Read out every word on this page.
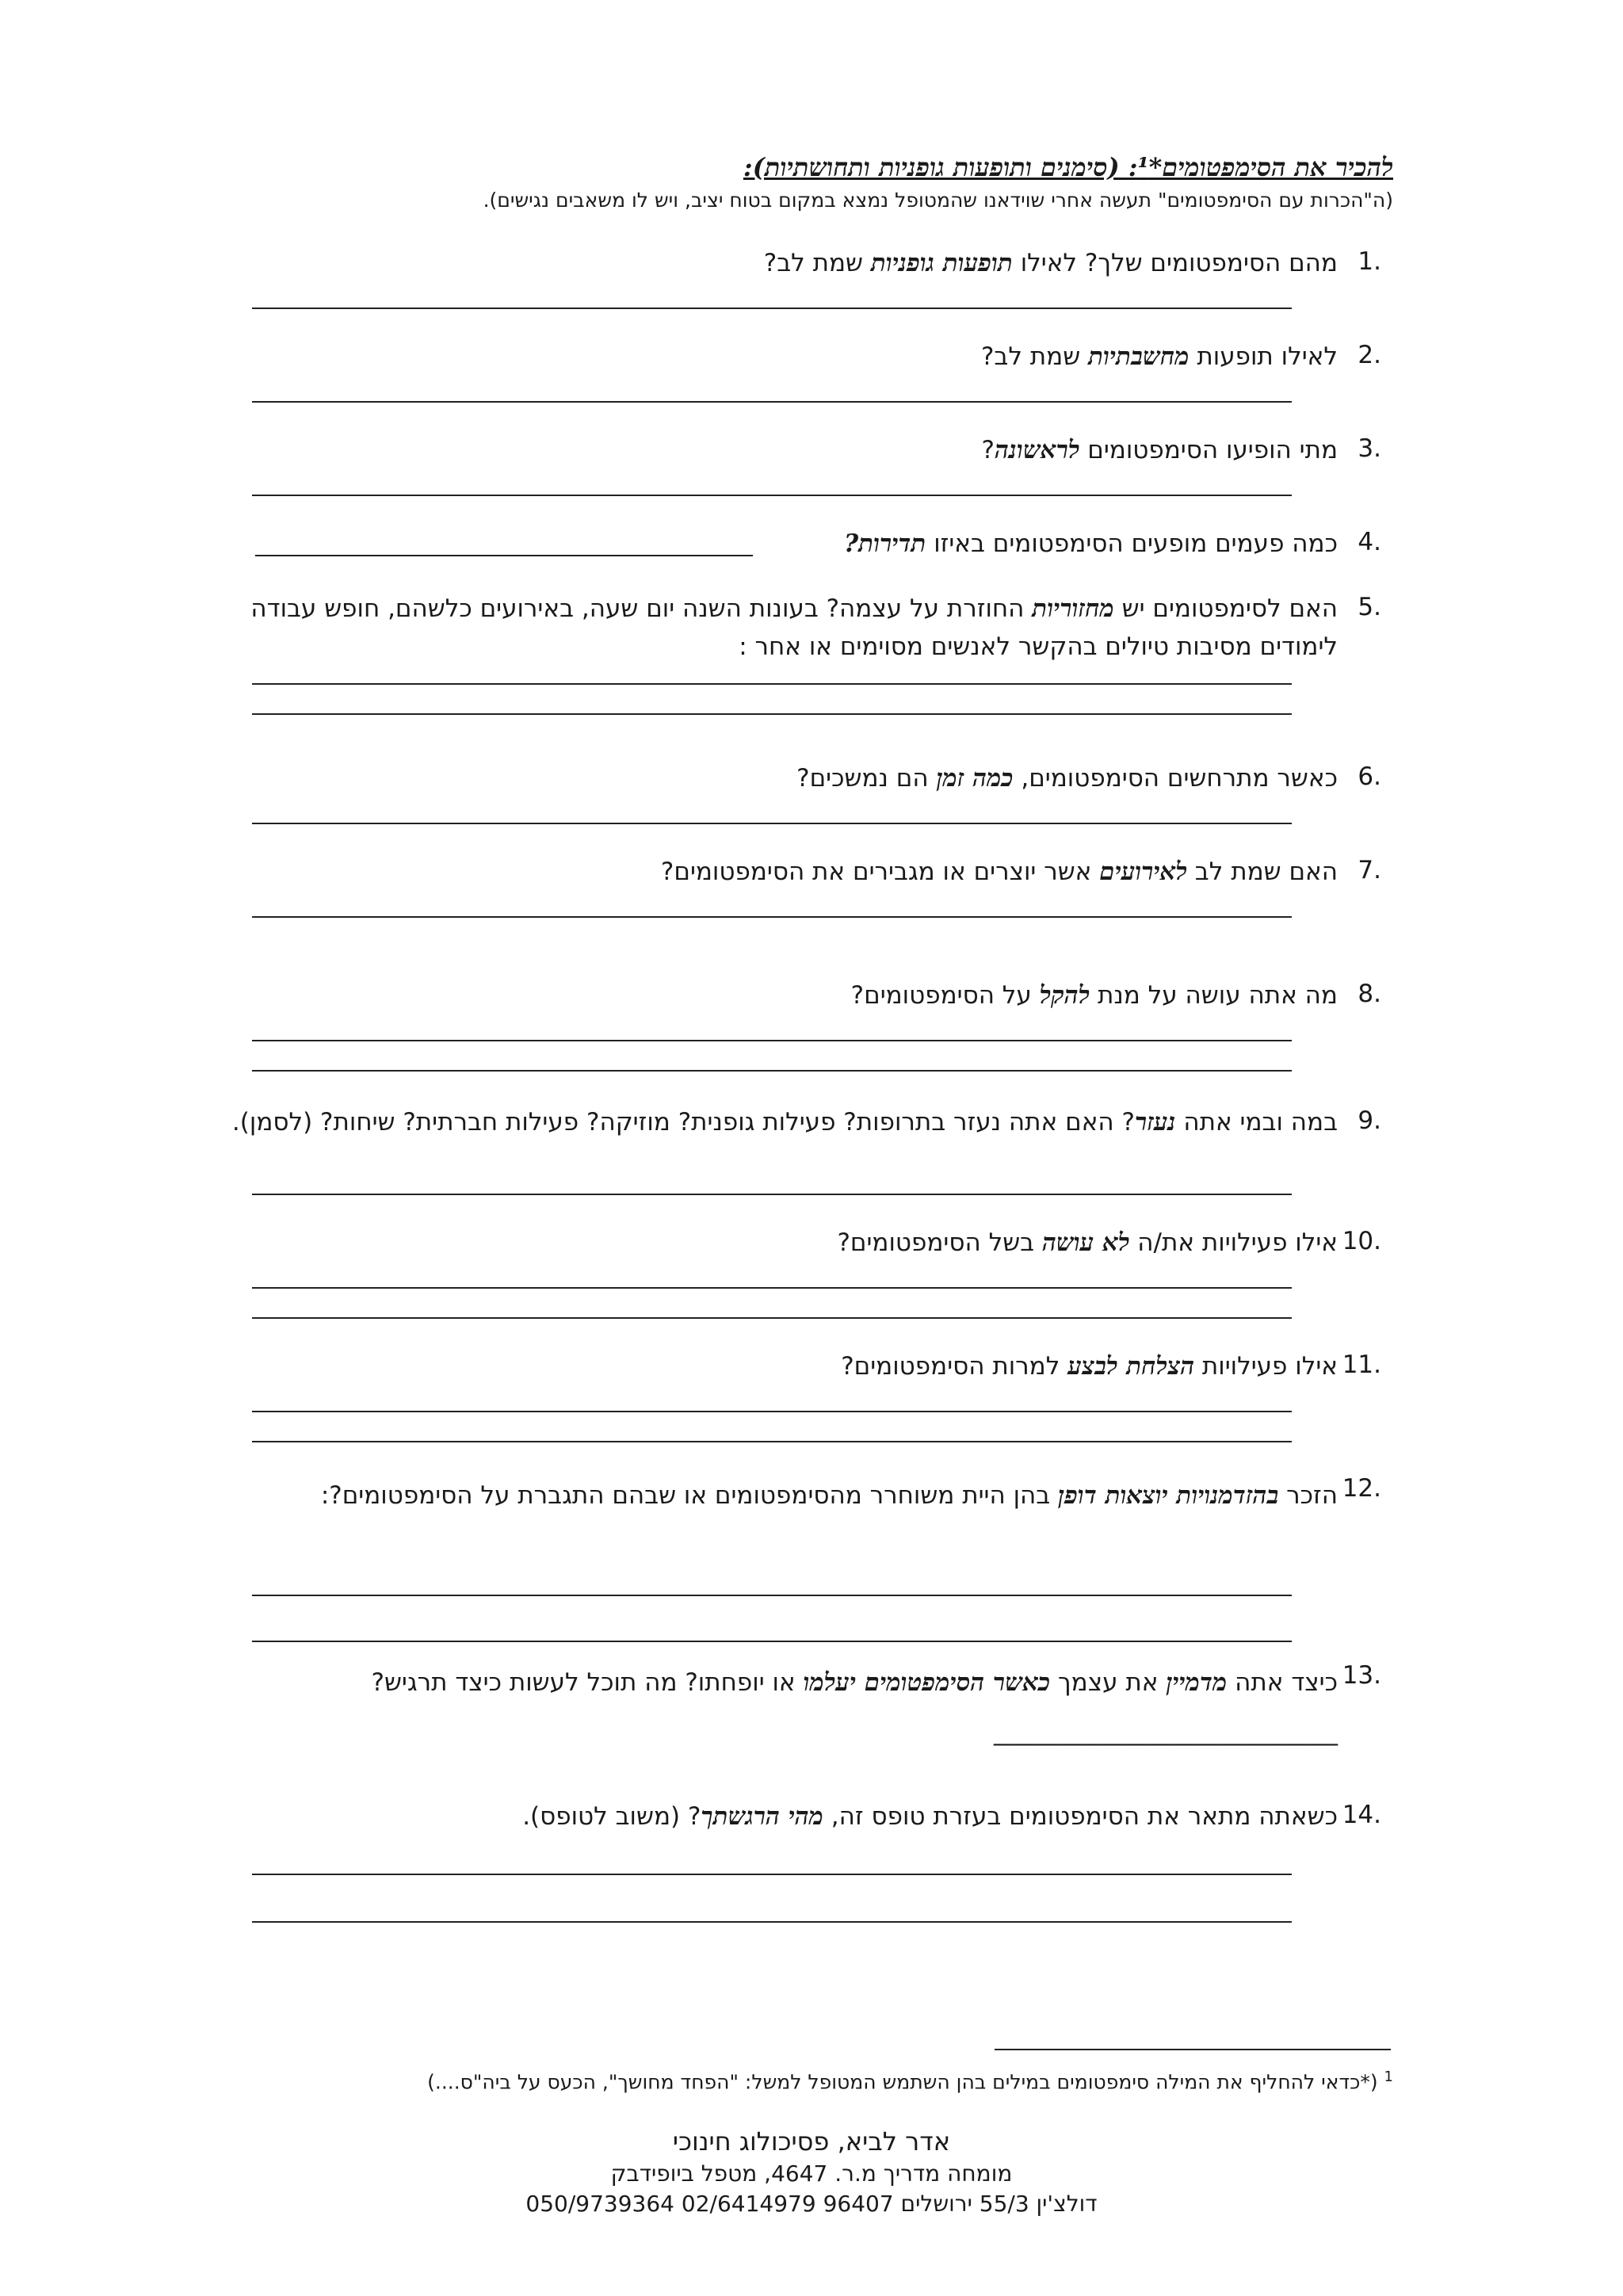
להכיר את הסימפטומים*¹: (סימנים ותופעות גופניות ותחושתיות):
(ה"הכרות עם הסימפטומים" תעשה אחרי שוידאנו שהמטופל נמצא במקום בטוח יציב, ויש לו משאבים נגישים).
1.
מהם הסימפטומים שלך? לאילו תופעות גופניות שמת לב?
2.
לאילו תופעות מחשבתיות שמת לב?
3.
מתי הופיעו הסימפטומים לראשונה?
4.
כמה פעמים מופעים הסימפטומים באיזו תדירות?
5.
האם לסימפטומים יש מחזוריות החוזרת על עצמה? בעונות השנה יום שעה, באירועים כלשהם, חופש עבודה לימודים מסיבות טיולים בהקשר לאנשים מסוימים או אחר :
6.
כאשר מתרחשים הסימפטומים, כמה זמן הם נמשכים?
7.
האם שמת לב לאירועים אשר יוצרים או מגבירים את הסימפטומים?
8.
מה אתה עושה על מנת להקל על הסימפטומים?
9.
במה ובמי אתה נעזר? האם אתה נעזר בתרופות? פעילות גופנית? מוזיקה? פעילות חברתית? שיחות? (לסמן).
10.
אילו פעילויות את/ה לא עושה בשל הסימפטומים?
11.
אילו פעילויות הצלחת לבצע למרות הסימפטומים?
12.
הזכר בהזדמנויות יוצאות דופן בהן היית משוחרר מהסימפטומים או שבהם התגברת על הסימפטומים?:
13.
כיצד אתה מדמיין את עצמך כאשר הסימפטומים יעלמו או יופחתו? מה תוכל לעשות כיצד תרגיש? ____________________________
14.
כשאתה מתאר את הסימפטומים בעזרת טופס זה, מהי הרגשתך? (משוב לטופס).
$^1$ (*כדאי להחליף את המילה סימפטומים במילים בהן השתמש המטופל למשל: "הפחד מחושך", הכעס על ביה"ס....)
אדר לביא, פסיכולוג חינוכי
מומחה מדריך מ.ר. 4647, מטפל ביופידבק
דולצ'ין 55/3 ירושלים 96407 02/6414979 050/9739364
